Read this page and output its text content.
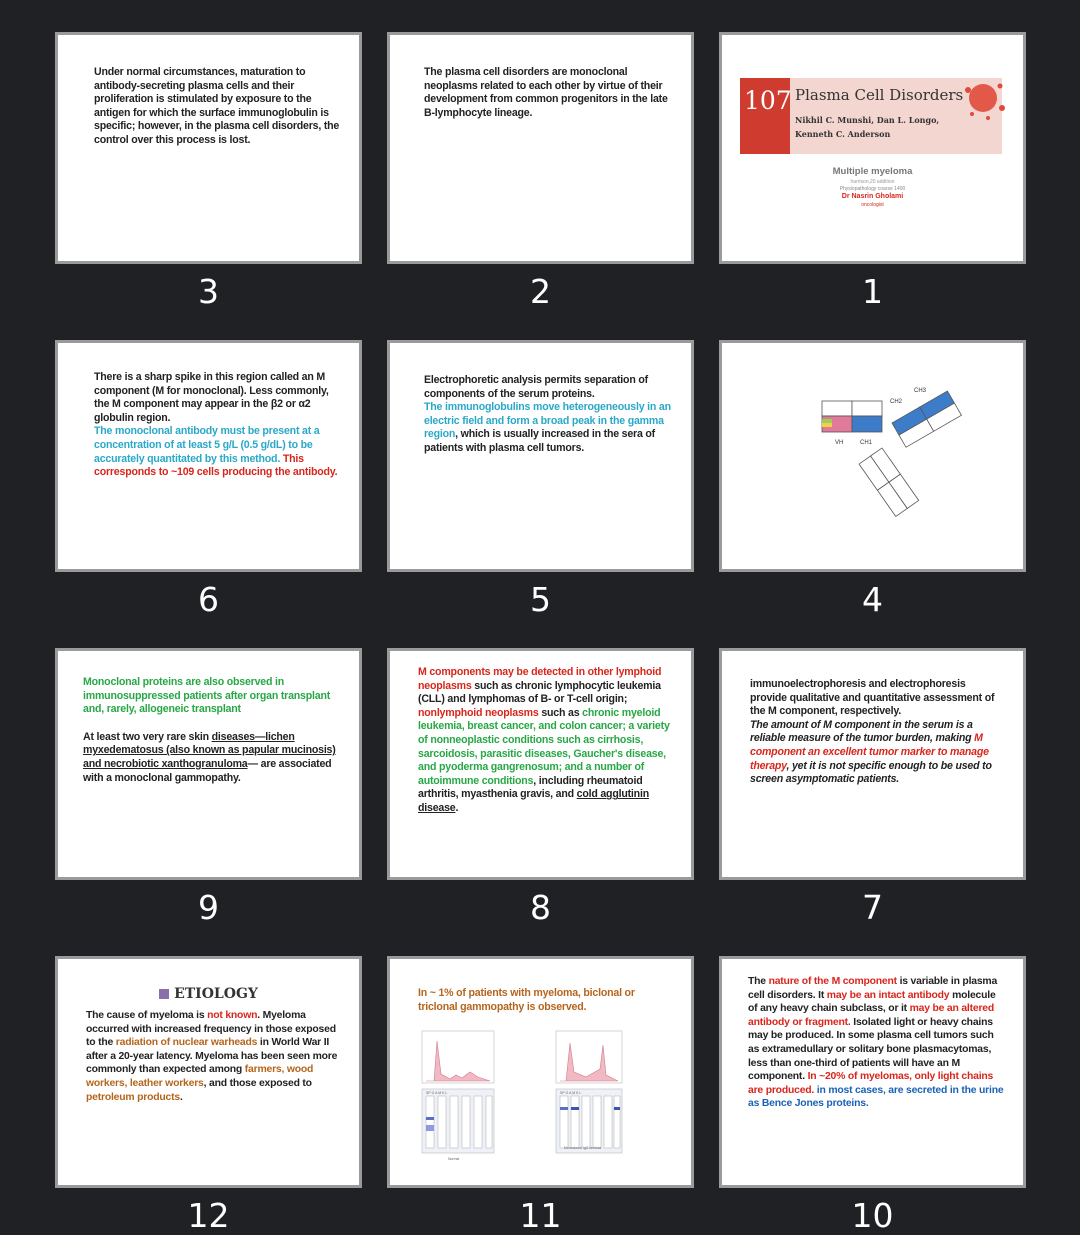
Under normal circumstances, maturation to antibody-secreting plasma cells and their proliferation is stimulated by exposure to the antigen for which the surface immunoglobulin is specific; however, in the plasma cell disorders, the control over this process is lost.
3
The plasma cell disorders are monoclonal neoplasms related to each other by virtue of their development from common progenitors in the late B-lymphocyte lineage.
2
107 Plasma Cell Disorders
Nikhil C. Munshi, Dan L. Longo,
Kenneth C. Anderson
Multiple myeloma
harrison,20 addition
Physiopathology coarse 1400
Dr Nasrin Gholami
oncologist
1
There is a sharp spike in this region called an M component (M for monoclonal). Less commonly, the M component may appear in the β2 or α2 globulin region.
The monoclonal antibody must be present at a concentration of at least 5 g/L (0.5 g/dL) to be accurately quantitated by this method. This corresponds to ~109 cells producing the antibody.
6
Electrophoretic analysis permits separation of components of the serum proteins.
The immunoglobulins move heterogeneously in an electric field and form a broad peak in the gamma region, which is usually increased in the sera of patients with plasma cell tumors.
5
CH3
CH2
VH	CH1
4
Monoclonal proteins are also observed in immunosuppressed patients after organ transplant and, rarely, allogeneic transplant
At least two very rare skin diseases—lichen myxedematosus (also known as papular mucinosis) and necrobiotic xanthogranuloma— are associated with a monoclonal gammopathy.
9
M components may be detected in other lymphoid neoplasms such as chronic lymphocytic leukemia (CLL) and lymphomas of B- or T-cell origin; nonlymphoid neoplasms such as chronic myeloid leukemia, breast cancer, and colon cancer; a variety of nonneoplastic conditions such as cirrhosis, sarcoidosis, parasitic diseases, Gaucher's disease, and pyoderma gangrenosum; and a number of autoimmune conditions, including rheumatoid arthritis, myasthenia gravis, and cold agglutinin disease.
8
immunoelectrophoresis and electrophoresis provide qualitative and quantitative assessment of the M component, respectively.
The amount of M component in the serum is a reliable measure of the tumor burden, making M component an excellent tumor marker to manage therapy, yet it is not specific enough to be used to screen asymptomatic patients.
7
ETIOLOGY
The cause of myeloma is not known. Myeloma occurred with increased frequency in those exposed to the radiation of nuclear warheads in World War II after a 20-year latency. Myeloma has been seen more commonly than expected among farmers, wood workers, leather workers, and those exposed to petroleum products.
12
In ~ 1% of patients with myeloma, biclonal or triclonal gammopathy is observed.
SP G A M K L
Normal
SP G A M K L
Monoclonal IgG lambda
11
The nature of the M component is variable in plasma cell disorders. It may be an intact antibody molecule of any heavy chain subclass, or it may be an altered antibody or fragment. Isolated light or heavy chains may be produced. In some plasma cell tumors such as extramedullary or solitary bone plasmacytomas, less than one-third of patients will have an M component. In ~20% of myelomas, only light chains are produced. in most cases, are secreted in the urine as Bence Jones proteins.
10
